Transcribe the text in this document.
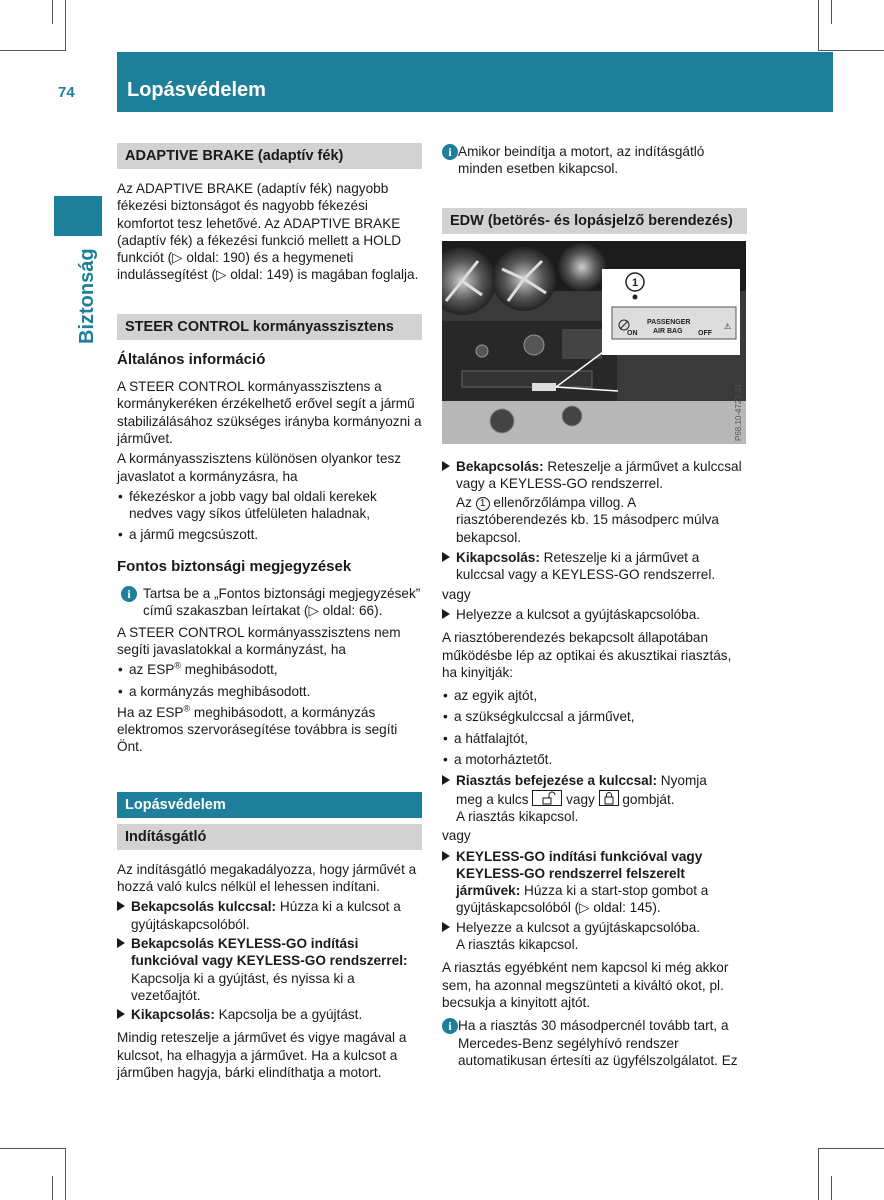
74	Lopásvédelem
Biztonság
ADAPTIVE BRAKE (adaptív fék)

Az ADAPTIVE BRAKE (adaptív fék) nagyobb fékezési biztonságot és nagyobb fékezési komfortot tesz lehetővé. Az ADAPTIVE BRAKE (adaptív fék) a fékezési funkció mellett a HOLD funkciót (▷ oldal: 190) és a hegymeneti indulássegítést (▷ oldal: 149) is magában foglalja.

STEER CONTROL kormányasszisztens
Általános információ

A STEER CONTROL kormányasszisztens a kormánykeréken érzékelhető erővel segít a jármű stabilizálásához szükséges irányba kormányozni a járművet.

A kormányasszisztens különösen olyankor tesz javaslatot a kormányzásra, ha

• fékezéskor a jobb vagy bal oldali kerekek nedves vagy síkos útfelületen haladnak,
• a jármű megcsúszott.
Fontos biztonsági megjegyzések
i Tartsa be a „Fontos biztonsági megjegyzések” című szakaszban leírtakat (▷ oldal: 66).

A STEER CONTROL kormányasszisztens nem segíti javaslatokkal a kormányzást, ha

• az ESP® meghibásodott,
• a kormányzás meghibásodott.

Ha az ESP® meghibásodott, a kormányzás elektromos szervorásegítése továbbra is segíti Önt.

Lopásvédelem
Indításgátló

Az indításgátló megakadályozza, hogy járművét a hozzá való kulcs nélkül el lehessen indítani.

Bekapcsolás kulccsal: Húzza ki a kulcsot a gyújtáskapcsolóból.
Bekapcsolás KEYLESS-GO indítási funkcióval vagy KEYLESS-GO rendszerrel: Kapcsolja ki a gyújtást, és nyissa ki a vezetőajtót.
Kikapcsolás: Kapcsolja be a gyújtást.

Mindig reteszelje a járművet és vigye magával a kulcsot, ha elhagyja a járművet. Ha a kulcsot a járműben hagyja, bárki elindíthatja a motort.

i Amikor beindítja a motort, az indításgátló minden esetben kikapcsol.
EDW (betörés- és lopásjelző berendezés)
⚠
1
ON
PASSENGER
AIR BAG OFF
P68.10-4727-31
Bekapcsolás: Reteszelje a járművet a kulccsal vagy a KEYLESS-GO rendszerrel.

Az 1 ellenőrzőlámpa villog. A riasztóberendezés kb. 15 másodperc múlva bekapcsol.

Kikapcsolás: Reteszelje ki a járművet a kulccsal vagy a KEYLESS-GO rendszerrel.

vagy

Helyezze a kulcsot a gyújtáskapcsolóba.

A riasztóberendezés bekapcsolt állapotában működésbe lép az optikai és akusztikai riasztás, ha kinyitják:

• az egyik ajtót,
• a szükségkulccsal a járművet,
• a hátfalajtót,
• a motorháztetőt.
Riasztás befejezése a kulccsal: Nyomja
meg a kulcs
vagy
gombját.
A riasztás kikapcsol.

vagy

KEYLESS-GO indítási funkcióval vagy KEYLESS-GO rendszerrel felszerelt járművek: Húzza ki a start-stop gombot a gyújtáskapcsolóból (▷ oldal: 145).
Helyezze a kulcsot a gyújtáskapcsolóba.
A riasztás kikapcsol.

A riasztás egyébként nem kapcsol ki még akkor sem, ha azonnal megszünteti a kiváltó okot, pl. becsukja a kinyitott ajtót.

i Ha a riasztás 30 másodpercnél tovább tart, a Mercedes-Benz segélyhívó rendszer automatikusan értesíti az ügyfélszolgálatot. Ez
